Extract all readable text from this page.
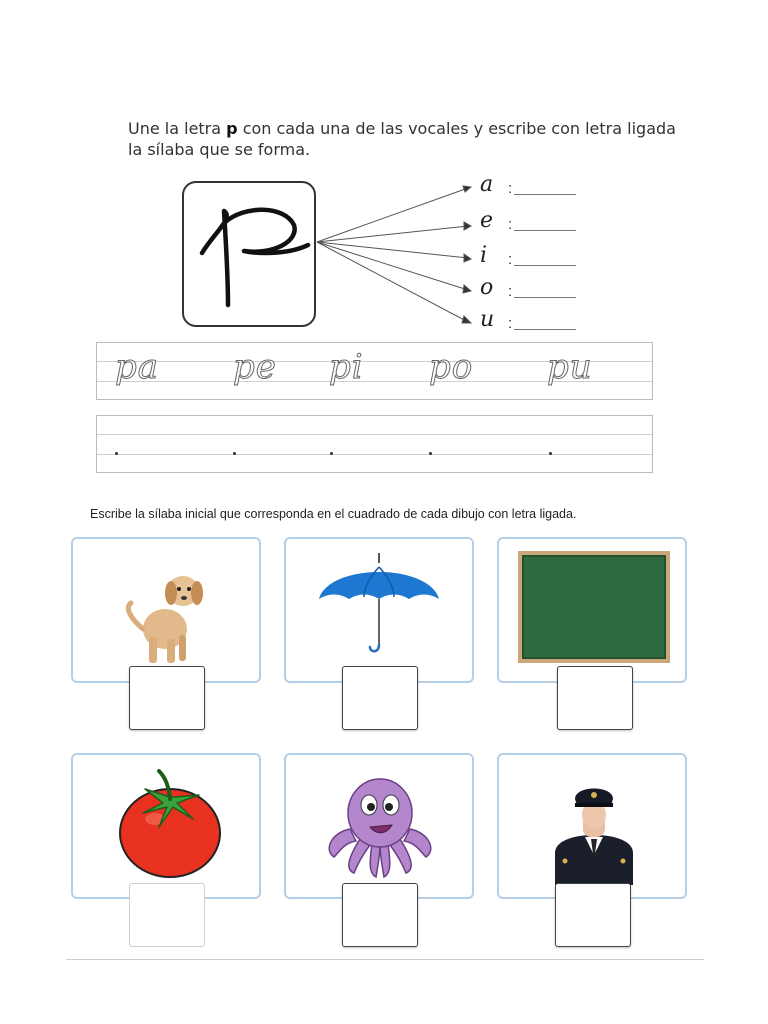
Une la letra p con cada una de las vocales y escribe con letra ligada la sílaba que se forma.
a :
e :
i	:
o :
u :
pa pe pi po pu
Escribe la sílaba inicial que corresponda en el cuadrado de cada dibujo con letra ligada.
